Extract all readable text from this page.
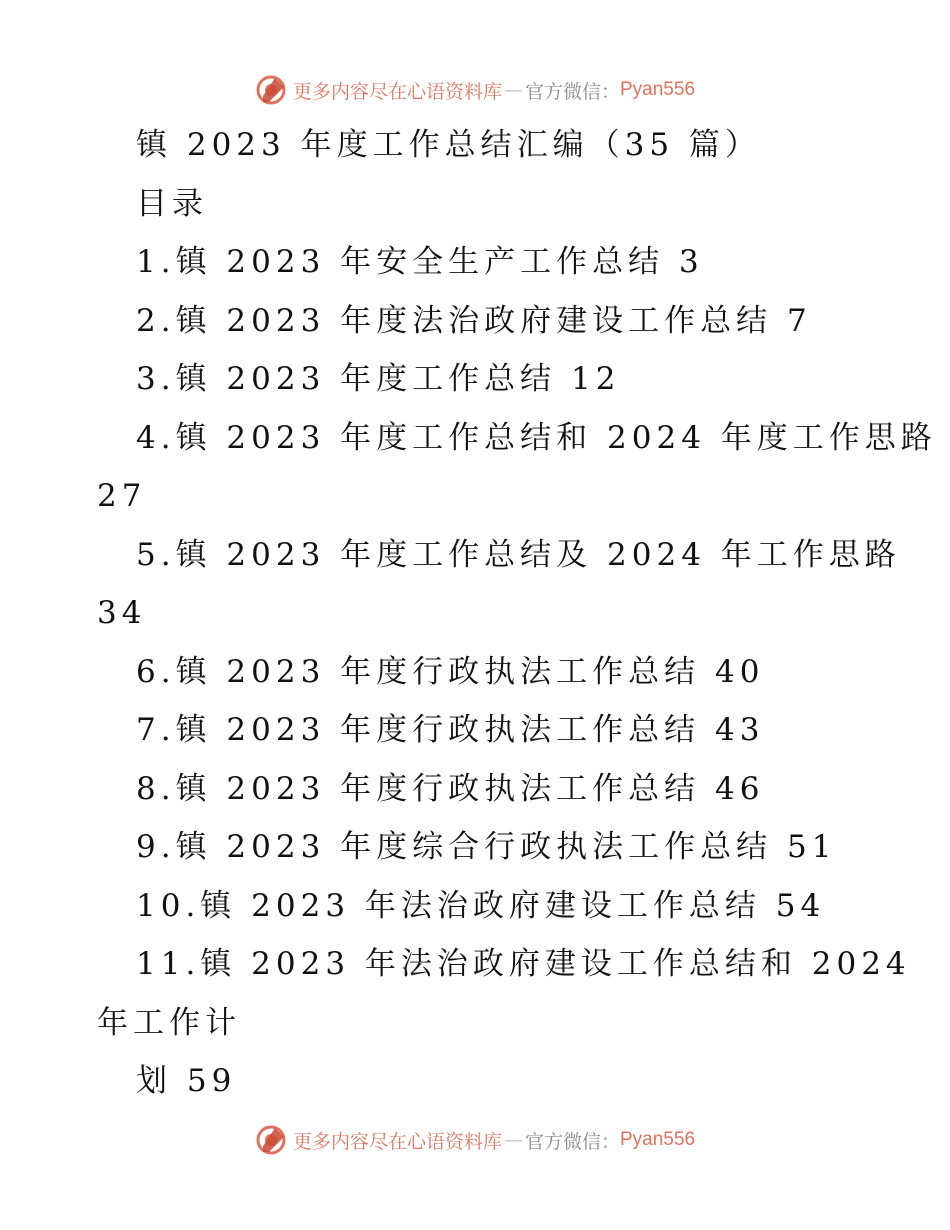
更多内容尽在心语资料库 — 官方微信： Pyan556
镇 2023 年度工作总结汇编（35 篇）
目录
1.镇 2023 年安全生产工作总结 3
2.镇 2023 年度法治政府建设工作总结 7
3.镇 2023 年度工作总结 12
4.镇 2023 年度工作总结和 2024 年度工作思路
27
5.镇 2023 年度工作总结及 2024 年工作思路
34
6.镇 2023 年度行政执法工作总结 40
7.镇 2023 年度行政执法工作总结 43
8.镇 2023 年度行政执法工作总结 46
9.镇 2023 年度综合行政执法工作总结 51
10.镇 2023 年法治政府建设工作总结 54
11.镇 2023 年法治政府建设工作总结和 2024
年工作计
划 59
更多内容尽在心语资料库 — 官方微信： Pyan556
